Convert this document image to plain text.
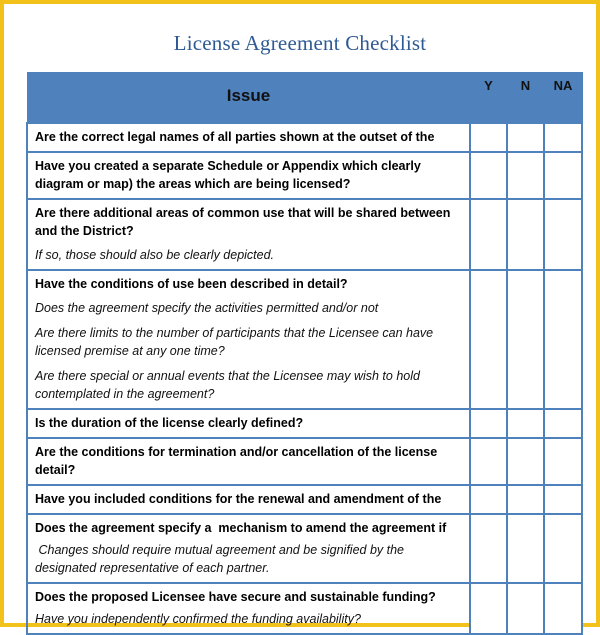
License Agreement Checklist
Issue	Y	N	NA

Are the correct legal names of all parties shown at the outset of the			

Have you created a separate Schedule or Appendix which clearly diagram or map) the areas which are being licensed?			

Are there additional areas of common use that will be shared between and the District?
If so, those should also be clearly depicted.			

Have the conditions of use been described in detail?
Does the agreement specify the activities permitted and/or not
Are there limits to the number of participants that the Licensee can have licensed premise at any one time?
Are there special or annual events that the Licensee may wish to hold contemplated in the agreement?			

Is the duration of the license clearly defined?			

Are the conditions for termination and/or cancellation of the license detail?			

Have you included conditions for the renewal and amendment of the			

Does the agreement specify a  mechanism to amend the agreement if
Changes should require mutual agreement and be signified by the designated representative of each partner.			

Does the proposed Licensee have secure and sustainable funding?
Have you independently confirmed the funding availability?			
